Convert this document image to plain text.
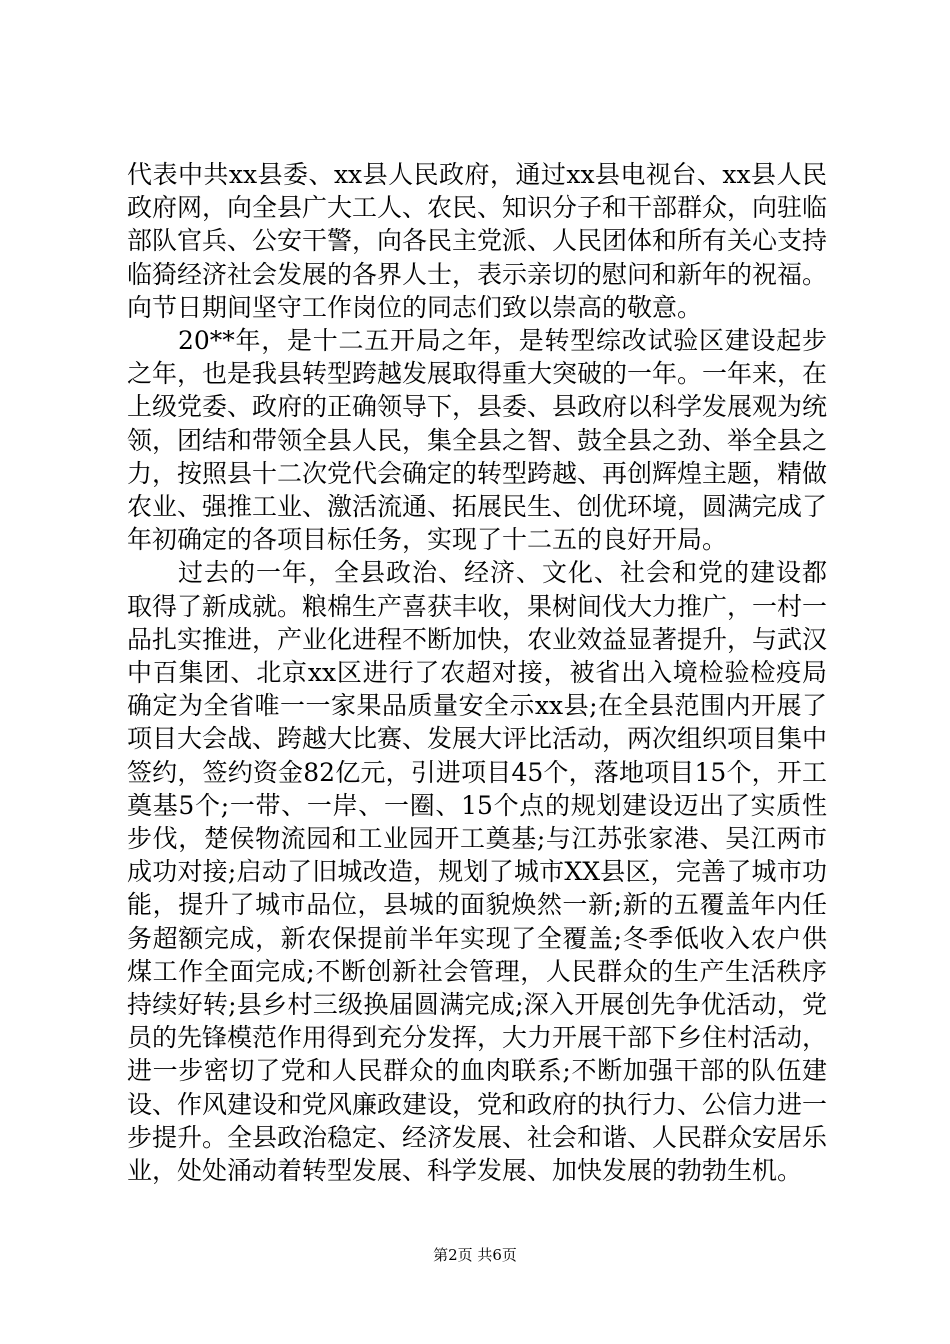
代表中共xx县委、xx县人民政府，通过xx县电视台、xx县人民政府网，向全县广大工人、农民、知识分子和干部群众，向驻临部队官兵、公安干警，向各民主党派、人民团体和所有关心支持临猗经济社会发展的各界人士，表示亲切的慰问和新年的祝福。向节日期间坚守工作岗位的同志们致以崇高的敬意。

20**年，是十二五开局之年，是转型综改试验区建设起步之年，也是我县转型跨越发展取得重大突破的一年。一年来，在上级党委、政府的正确领导下，县委、县政府以科学发展观为统领，团结和带领全县人民，集全县之智、鼓全县之劲、举全县之力，按照县十二次党代会确定的转型跨越、再创辉煌主题，精做农业、强推工业、激活流通、拓展民生、创优环境，圆满完成了年初确定的各项目标任务，实现了十二五的良好开局。

过去的一年，全县政治、经济、文化、社会和党的建设都取得了新成就。粮棉生产喜获丰收，果树间伐大力推广，一村一品扎实推进，产业化进程不断加快，农业效益显著提升，与武汉中百集团、北京xx区进行了农超对接，被省出入境检验检疫局确定为全省唯一一家果品质量安全示xx县;在全县范围内开展了项目大会战、跨越大比赛、发展大评比活动，两次组织项目集中签约，签约资金82亿元，引进项目45个，落地项目15个，开工奠基5个;一带、一岸、一圈、15个点的规划建设迈出了实质性步伐，楚侯物流园和工业园开工奠基;与江苏张家港、吴江两市成功对接;启动了旧城改造，规划了城市XX县区，完善了城市功能，提升了城市品位，县城的面貌焕然一新;新的五覆盖年内任务超额完成，新农保提前半年实现了全覆盖;冬季低收入农户供煤工作全面完成;不断创新社会管理，人民群众的生产生活秩序持续好转;县乡村三级换届圆满完成;深入开展创先争优活动，党员的先锋模范作用得到充分发挥，大力开展干部下乡住村活动，进一步密切了党和人民群众的血肉联系;不断加强干部的队伍建设、作风建设和党风廉政建设，党和政府的执行力、公信力进一步提升。全县政治稳定、经济发展、社会和谐、人民群众安居乐业，处处涌动着转型发展、科学发展、加快发展的勃勃生机。

第2页 共6页
